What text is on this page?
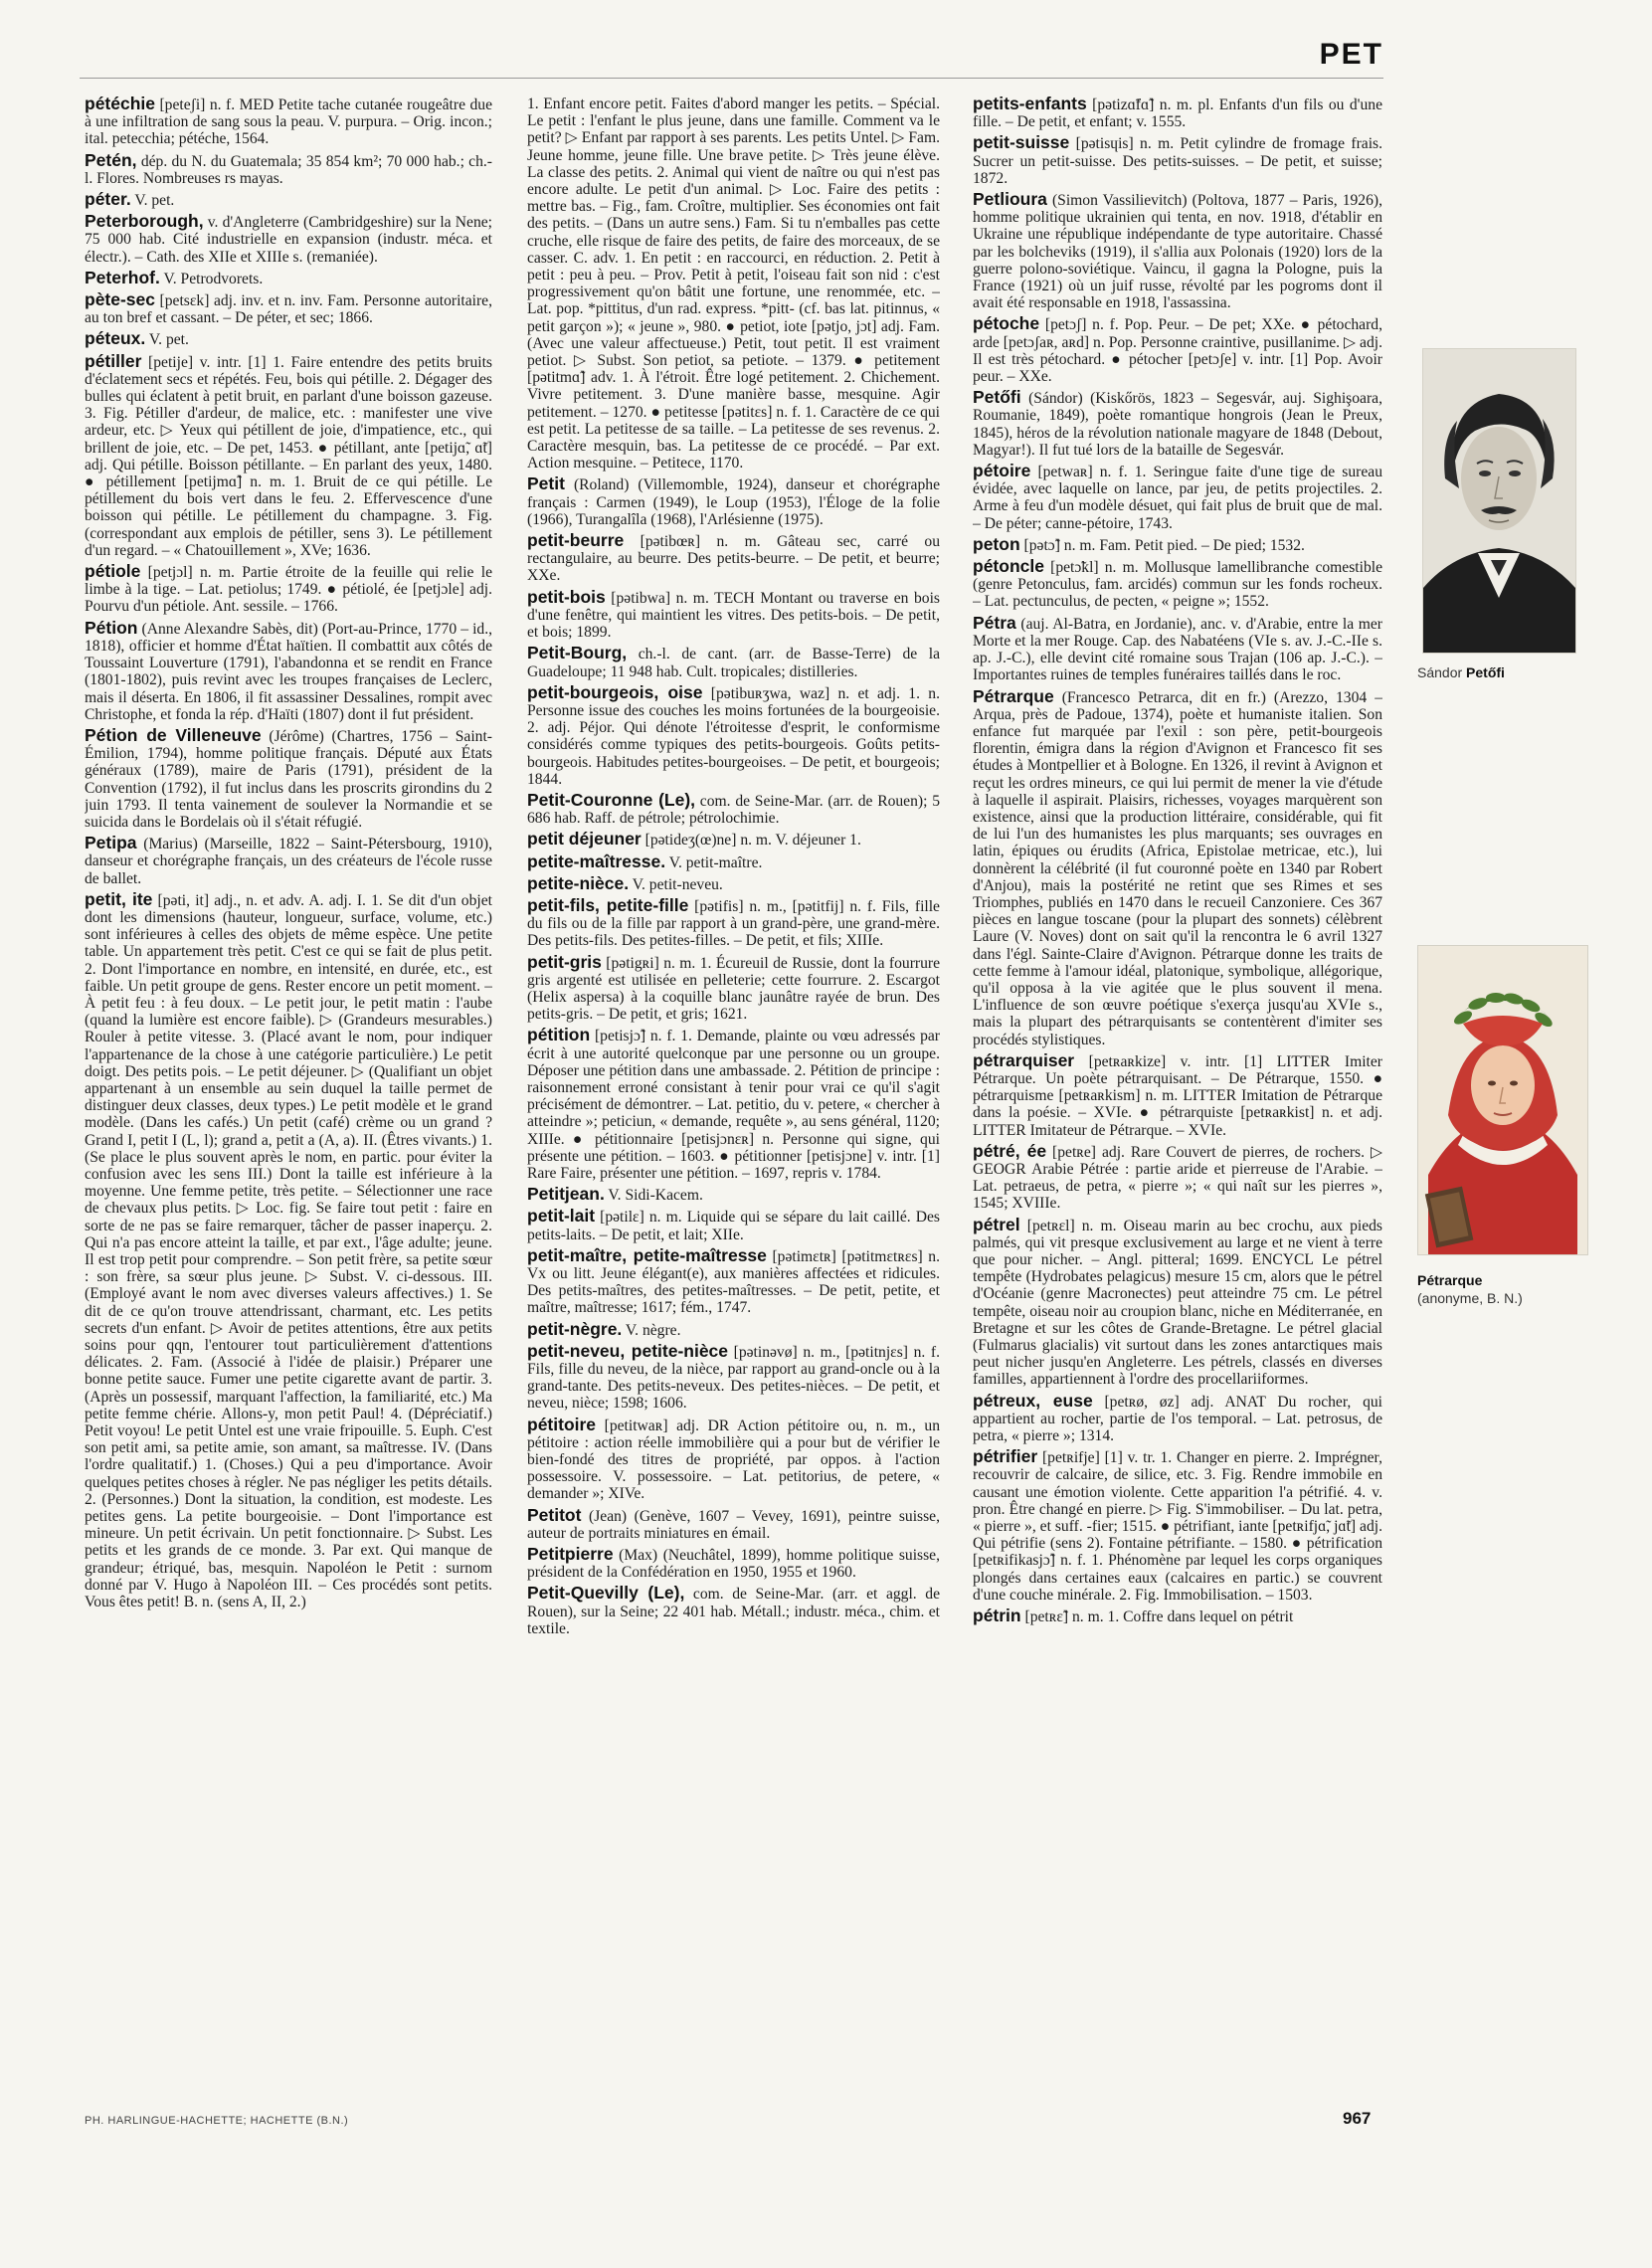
PET
pétéchie [peteʃi] n. f. MED Petite tache cutanée rougeâtre due à une infiltration de sang sous la peau. V. purpura. – Orig. incon.; ital. petecchia; pétéche, 1564.
Petén, dép. du N. du Guatemala; 35 854 km²; 70 000 hab.; ch.-l. Flores. Nombreuses rs mayas.
péter. V. pet.
Peterborough, v. d'Angleterre (Cambridgeshire) sur la Nene; 75 000 hab. Cité industrielle en expansion (industr. méca. et électr.). – Cath. des XIIe et XIIIe s. (remaniée).
Peterhof. V. Petrodvorets.
pète-sec [petsɛk] adj. inv. et n. inv. Fam. Personne autoritaire, au ton bref et cassant. – De péter, et sec; 1866.
péteux. V. pet.
pétiller [petije] v. intr. [1] 1. Faire entendre des petits bruits d'éclatement secs et répétés. Feu, bois qui pétille. 2. Dégager des bulles qui éclatent à petit bruit, en parlant d'une boisson gazeuse. 3. Fig. Pétiller d'ardeur, de malice, etc. : manifester une vive ardeur, etc. ▷ Yeux qui pétillent de joie, d'impatience, etc., qui brillent de joie, etc. – De pet, 1453. ● pétillant, ante [petijɑ̃, ɑ̃t] adj. Qui pétille. Boisson pétillante. – En parlant des yeux, 1480. ● pétillement [petijmɑ̃] n. m. 1. Bruit de ce qui pétille. Le pétillement du bois vert dans le feu. 2. Effervescence d'une boisson qui pétille. Le pétillement du champagne. 3. Fig. (correspondant aux emplois de pétiller, sens 3). Le pétillement d'un regard. – « Chatouillement », XVe; 1636.
pétiole [petjɔl] n. m. Partie étroite de la feuille qui relie le limbe à la tige. – Lat. petiolus; 1749. ● pétiolé, ée [petjɔle] adj. Pourvu d'un pétiole. Ant. sessile. – 1766.
Pétion (Anne Alexandre Sabès, dit) (Port-au-Prince, 1770 – id., 1818), officier et homme d'État haïtien. Il combattit aux côtés de Toussaint Louverture (1791), l'abandonna et se rendit en France (1801-1802), puis revint avec les troupes françaises de Leclerc, mais il déserta. En 1806, il fit assassiner Dessalines, rompit avec Christophe, et fonda la rép. d'Haïti (1807) dont il fut président.
Pétion de Villeneuve (Jérôme) (Chartres, 1756 – Saint-Émilion, 1794), homme politique français. Député aux États généraux (1789), maire de Paris (1791), président de la Convention (1792), il fut inclus dans les proscrits girondins du 2 juin 1793. Il tenta vainement de soulever la Normandie et se suicida dans le Bordelais où il s'était réfugié.
Petipa (Marius) (Marseille, 1822 – Saint-Pétersbourg, 1910), danseur et chorégraphe français, un des créateurs de l'école russe de ballet.
petit, ite [pəti, it] adj., n. et adv. A. adj. I. 1. Se dit d'un objet dont les dimensions (hauteur, longueur, surface, volume, etc.) sont inférieures à celles des objets de même espèce. Une petite table. Un appartement très petit. C'est ce qui se fait de plus petit. 2. Dont l'importance en nombre, en intensité, en durée, etc., est faible. Un petit groupe de gens. Rester encore un petit moment. – À petit feu : à feu doux. – Le petit jour, le petit matin : l'aube (quand la lumière est encore faible). ▷ (Grandeurs mesurables.) Rouler à petite vitesse. 3. (Placé avant le nom, pour indiquer l'appartenance de la chose à une catégorie particulière.) Le petit doigt. Des petits pois. – Le petit déjeuner. ▷ (Qualifiant un objet appartenant à un ensemble au sein duquel la taille permet de distinguer deux classes, deux types.) Le petit modèle et le grand modèle. (Dans les cafés.) Un petit (café) crème ou un grand ? Grand I, petit I (L, l); grand a, petit a (A, a). II. (Êtres vivants.) 1. (Se place le plus souvent après le nom, en partic. pour éviter la confusion avec les sens III.) Dont la taille est inférieure à la moyenne. Une femme petite, très petite. – Sélectionner une race de chevaux plus petits. ▷ Loc. fig. Se faire tout petit : faire en sorte de ne pas se faire remarquer, tâcher de passer inaperçu. 2. Qui n'a pas encore atteint la taille, et par ext., l'âge adulte; jeune. Il est trop petit pour comprendre. – Son petit frère, sa petite sœur : son frère, sa sœur plus jeune. ▷ Subst. V. ci-dessous. III. (Employé avant le nom avec diverses valeurs affectives.) 1. Se dit de ce qu'on trouve attendrissant, charmant, etc. Les petits secrets d'un enfant. ▷ Avoir de petites attentions, être aux petits soins pour qqn, l'entourer tout particulièrement d'attentions délicates. 2. Fam. (Associé à l'idée de plaisir.) Préparer une bonne petite sauce. Fumer une petite cigarette avant de partir. 3. (Après un possessif, marquant l'affection, la familiarité, etc.) Ma petite femme chérie. Allons-y, mon petit Paul! 4. (Dépréciatif.) Petit voyou! Le petit Untel est une vraie fripouille. 5. Euph. C'est son petit ami, sa petite amie, son amant, sa maîtresse. IV. (Dans l'ordre qualitatif.) 1. (Choses.) Qui a peu d'importance. Avoir quelques petites choses à régler. Ne pas négliger les petits détails. 2. (Personnes.) Dont la situation, la condition, est modeste. Les petites gens. La petite bourgeoisie. – Dont l'importance est mineure. Un petit écrivain. Un petit fonctionnaire. ▷ Subst. Les petits et les grands de ce monde. 3. Par ext. Qui manque de grandeur; étriqué, bas, mesquin. Napoléon le Petit : surnom donné par V. Hugo à Napoléon III. – Ces procédés sont petits. Vous êtes petit! B. n. (sens A, II, 2.)
1. Enfant encore petit. Faites d'abord manger les petits. – Spécial. Le petit : l'enfant le plus jeune, dans une famille. Comment va le petit? ▷ Enfant par rapport à ses parents. Les petits Untel. ▷ Fam. Jeune homme, jeune fille. Une brave petite. ▷ Très jeune élève. La classe des petits. 2. Animal qui vient de naître ou qui n'est pas encore adulte. Le petit d'un animal. ▷ Loc. Faire des petits : mettre bas. – Fig., fam. Croître, multiplier. Ses économies ont fait des petits. – (Dans un autre sens.) Fam. Si tu n'emballes pas cette cruche, elle risque de faire des petits, de faire des morceaux, de se casser. C. adv. 1. En petit : en raccourci, en réduction. 2. Petit à petit : peu à peu. – Prov. Petit à petit, l'oiseau fait son nid : c'est progressivement qu'on bâtit une fortune, une renommée, etc. – Lat. pop. *pittitus, d'un rad. express. *pitt- (cf. bas lat. pitinnus, « petit garçon »); « jeune », 980. ● petiot, iote [pətjo, jɔt] adj. Fam. (Avec une valeur affectueuse.) Petit, tout petit. Il est vraiment petiot. ▷ Subst. Son petiot, sa petiote. – 1379. ● petitement [pətitmɑ̃] adv. 1. À l'étroit. Être logé petitement. 2. Chichement. Vivre petitement. 3. D'une manière basse, mesquine. Agir petitement. – 1270. ● petitesse [pətitɛs] n. f. 1. Caractère de ce qui est petit. La petitesse de sa taille. – La petitesse de ses revenus. 2. Caractère mesquin, bas. La petitesse de ce procédé. – Par ext. Action mesquine. – Petitece, 1170.
Petit (Roland) (Villemomble, 1924), danseur et chorégraphe français : Carmen (1949), le Loup (1953), l'Éloge de la folie (1966), Turangalîla (1968), l'Arlésienne (1975).
petit-beurre [pətibœʀ] n. m. Gâteau sec, carré ou rectangulaire, au beurre. Des petits-beurre. – De petit, et beurre; XXe.
petit-bois [pətibwa] n. m. TECH Montant ou traverse en bois d'une fenêtre, qui maintient les vitres. Des petits-bois. – De petit, et bois; 1899.
Petit-Bourg, ch.-l. de cant. (arr. de Basse-Terre) de la Guadeloupe; 11 948 hab. Cult. tropicales; distilleries.
petit-bourgeois, oise [pətibuʀʒwa, waz] n. et adj. 1. n. Personne issue des couches les moins fortunées de la bourgeoisie. 2. adj. Péjor. Qui dénote l'étroitesse d'esprit, le conformisme considérés comme typiques des petits-bourgeois. Goûts petits-bourgeois. Habitudes petites-bourgeoises. – De petit, et bourgeois; 1844.
Petit-Couronne (Le), com. de Seine-Mar. (arr. de Rouen); 5 686 hab. Raff. de pétrole; pétrolochimie.
petit déjeuner [pətideʒ(œ)ne] n. m. V. déjeuner 1.
petite-maîtresse. V. petit-maître.
petite-nièce. V. petit-neveu.
petit-fils, petite-fille [pətifis] n. m., [pətitfij] n. f. Fils, fille du fils ou de la fille par rapport à un grand-père, une grand-mère. Des petits-fils. Des petites-filles. – De petit, et fils; XIIIe.
petit-gris [pətigʀi] n. m. 1. Écureuil de Russie, dont la fourrure gris argenté est utilisée en pelleterie; cette fourrure. 2. Escargot (Helix aspersa) à la coquille blanc jaunâtre rayée de brun. Des petits-gris. – De petit, et gris; 1621.
pétition [petisjɔ̃] n. f. 1. Demande, plainte ou vœu adressés par écrit à une autorité quelconque par une personne ou un groupe. Déposer une pétition dans une ambassade. 2. Pétition de principe : raisonnement erroné consistant à tenir pour vrai ce qu'il s'agit précisément de démontrer. – Lat. petitio, du v. petere, « chercher à atteindre »; peticiun, « demande, requête », au sens général, 1120; XIIIe. ● pétitionnaire [petisjɔnɛʀ] n. Personne qui signe, qui présente une pétition. – 1603. ● pétitionner [petisjɔne] v. intr. [1] Rare Faire, présenter une pétition. – 1697, repris v. 1784.
Petitjean. V. Sidi-Kacem.
petit-lait [pətilɛ] n. m. Liquide qui se sépare du lait caillé. Des petits-laits. – De petit, et lait; XIIe.
petit-maître, petite-maîtresse [pətimɛtʀ] [pətitmɛtʀɛs] n. Vx ou litt. Jeune élégant(e), aux manières affectées et ridicules. Des petits-maîtres, des petites-maîtresses. – De petit, petite, et maître, maîtresse; 1617; fém., 1747.
petit-nègre. V. nègre.
petit-neveu, petite-nièce [pətinəvø] n. m., [pətitnjɛs] n. f. Fils, fille du neveu, de la nièce, par rapport au grand-oncle ou à la grand-tante. Des petits-neveux. Des petites-nièces. – De petit, et neveu, nièce; 1598; 1606.
pétitoire [petitwaʀ] adj. DR Action pétitoire ou, n. m., un pétitoire : action réelle immobilière qui a pour but de vérifier le bien-fondé des titres de propriété, par oppos. à l'action possessoire. V. possessoire. – Lat. petitorius, de petere, « demander »; XIVe.
Petitot (Jean) (Genève, 1607 – Vevey, 1691), peintre suisse, auteur de portraits miniatures en émail.
Petitpierre (Max) (Neuchâtel, 1899), homme politique suisse, président de la Confédération en 1950, 1955 et 1960.
Petit-Quevilly (Le), com. de Seine-Mar. (arr. et aggl. de Rouen), sur la Seine; 22 401 hab. Métall.; industr. méca., chim. et textile.
petits-enfants [pətizɑ̃fɑ̃] n. m. pl. Enfants d'un fils ou d'une fille. – De petit, et enfant; v. 1555.
petit-suisse [pətisɥis] n. m. Petit cylindre de fromage frais. Sucrer un petit-suisse. Des petits-suisses. – De petit, et suisse; 1872.
Petlioura (Simon Vassilievitch) (Poltova, 1877 – Paris, 1926), homme politique ukrainien qui tenta, en nov. 1918, d'établir en Ukraine une république indépendante de type autoritaire. Chassé par les bolcheviks (1919), il s'allia aux Polonais (1920) lors de la guerre polono-soviétique. Vaincu, il gagna la Pologne, puis la France (1921) où un juif russe, révolté par les pogroms dont il avait été responsable en 1918, l'assassina.
pétoche [petɔʃ] n. f. Pop. Peur. – De pet; XXe. ● pétochard, arde [petɔʃaʀ, aʀd] n. Pop. Personne craintive, pusillanime. ▷ adj. Il est très pétochard. ● pétocher [petɔʃe] v. intr. [1] Pop. Avoir peur. – XXe.
Petőfi (Sándor) (Kiskőrös, 1823 – Segesvár, auj. Sighişoara, Roumanie, 1849), poète romantique hongrois (Jean le Preux, 1845), héros de la révolution nationale magyare de 1848 (Debout, Magyar!). Il fut tué lors de la bataille de Segesvár.
pétoire [petwaʀ] n. f. 1. Seringue faite d'une tige de sureau évidée, avec laquelle on lance, par jeu, de petits projectiles. 2. Arme à feu d'un modèle désuet, qui fait plus de bruit que de mal. – De péter; canne-pétoire, 1743.
peton [pətɔ̃] n. m. Fam. Petit pied. – De pied; 1532.
pétoncle [petɔ̃kl] n. m. Mollusque lamellibranche comestible (genre Petonculus, fam. arcidés) commun sur les fonds rocheux. – Lat. pectunculus, de pecten, « peigne »; 1552.
Pétra (auj. Al-Batra, en Jordanie), anc. v. d'Arabie, entre la mer Morte et la mer Rouge. Cap. des Nabatéens (VIe s. av. J.-C.-IIe s. ap. J.-C.), elle devint cité romaine sous Trajan (106 ap. J.-C.). – Importantes ruines de temples funéraires taillés dans le roc.
Pétrarque (Francesco Petrarca, dit en fr.) (Arezzo, 1304 – Arqua, près de Padoue, 1374), poète et humaniste italien. Son enfance fut marquée par l'exil : son père, petit-bourgeois florentin, émigra dans la région d'Avignon et Francesco fit ses études à Montpellier et à Bologne. En 1326, il revint à Avignon et reçut les ordres mineurs, ce qui lui permit de mener la vie d'étude à laquelle il aspirait. Plaisirs, richesses, voyages marquèrent son existence, ainsi que la production littéraire, considérable, qui fit de lui l'un des humanistes les plus marquants; ses ouvrages en latin, épiques ou érudits (Africa, Epistolae metricae, etc.), lui donnèrent la célébrité (il fut couronné poète en 1340 par Robert d'Anjou), mais la postérité ne retint que ses Rimes et ses Triomphes, publiés en 1470 dans le recueil Canzoniere. Ces 367 pièces en langue toscane (pour la plupart des sonnets) célèbrent Laure (V. Noves) dont on sait qu'il la rencontra le 6 avril 1327 dans l'égl. Sainte-Claire d'Avignon. Pétrarque donne les traits de cette femme à l'amour idéal, platonique, symbolique, allégorique, qu'il opposa à la vie agitée que le plus souvent il mena. L'influence de son œuvre poétique s'exerça jusqu'au XVIe s., mais la plupart des pétrarquisants se contentèrent d'imiter ses procédés stylistiques.
pétrarquiser [petʀaʀkize] v. intr. [1] LITTER Imiter Pétrarque. Un poète pétrarquisant. – De Pétrarque, 1550. ● pétrarquisme [petʀaʀkism] n. m. LITTER Imitation de Pétrarque dans la poésie. – XVIe. ● pétrarquiste [petʀaʀkist] n. et adj. LITTER Imitateur de Pétrarque. – XVIe.
pétré, ée [petʀe] adj. Rare Couvert de pierres, de rochers. ▷ GEOGR Arabie Pétrée : partie aride et pierreuse de l'Arabie. – Lat. petraeus, de petra, « pierre »; « qui naît sur les pierres », 1545; XVIIIe.
pétrel [petʀɛl] n. m. Oiseau marin au bec crochu, aux pieds palmés, qui vit presque exclusivement au large et ne vient à terre que pour nicher. – Angl. pitteral; 1699. ENCYCL Le pétrel tempête (Hydrobates pelagicus) mesure 15 cm, alors que le pétrel d'Océanie (genre Macronectes) peut atteindre 75 cm. Le pétrel tempête, oiseau noir au croupion blanc, niche en Méditerranée, en Bretagne et sur les côtes de Grande-Bretagne. Le pétrel glacial (Fulmarus glacialis) vit surtout dans les zones antarctiques mais peut nicher jusqu'en Angleterre. Les pétrels, classés en diverses familles, appartiennent à l'ordre des procellariiformes.
pétreux, euse [petʀø, øz] adj. ANAT Du rocher, qui appartient au rocher, partie de l'os temporal. – Lat. petrosus, de petra, « pierre »; 1314.
pétrifier [petʀifje] [1] v. tr. 1. Changer en pierre. 2. Imprégner, recouvrir de calcaire, de silice, etc. 3. Fig. Rendre immobile en causant une émotion violente. Cette apparition l'a pétrifié. 4. v. pron. Être changé en pierre. ▷ Fig. S'immobiliser. – Du lat. petra, « pierre », et suff. -fier; 1515. ● pétrifiant, iante [petʀifjɑ̃, jɑ̃t] adj. Qui pétrifie (sens 2). Fontaine pétrifiante. – 1580. ● pétrification [petʀifikasjɔ̃] n. f. 1. Phénomène par lequel les corps organiques plongés dans certaines eaux (calcaires en partic.) se couvrent d'une couche minérale. 2. Fig. Immobilisation. – 1503.
pétrin [petʀɛ̃] n. m. 1. Coffre dans lequel on pétrit
Sándor Petőfi
Pétrarque
(anonyme, B. N.)
PH. HARLINGUE-HACHETTE; HACHETTE (B.N.)	967
